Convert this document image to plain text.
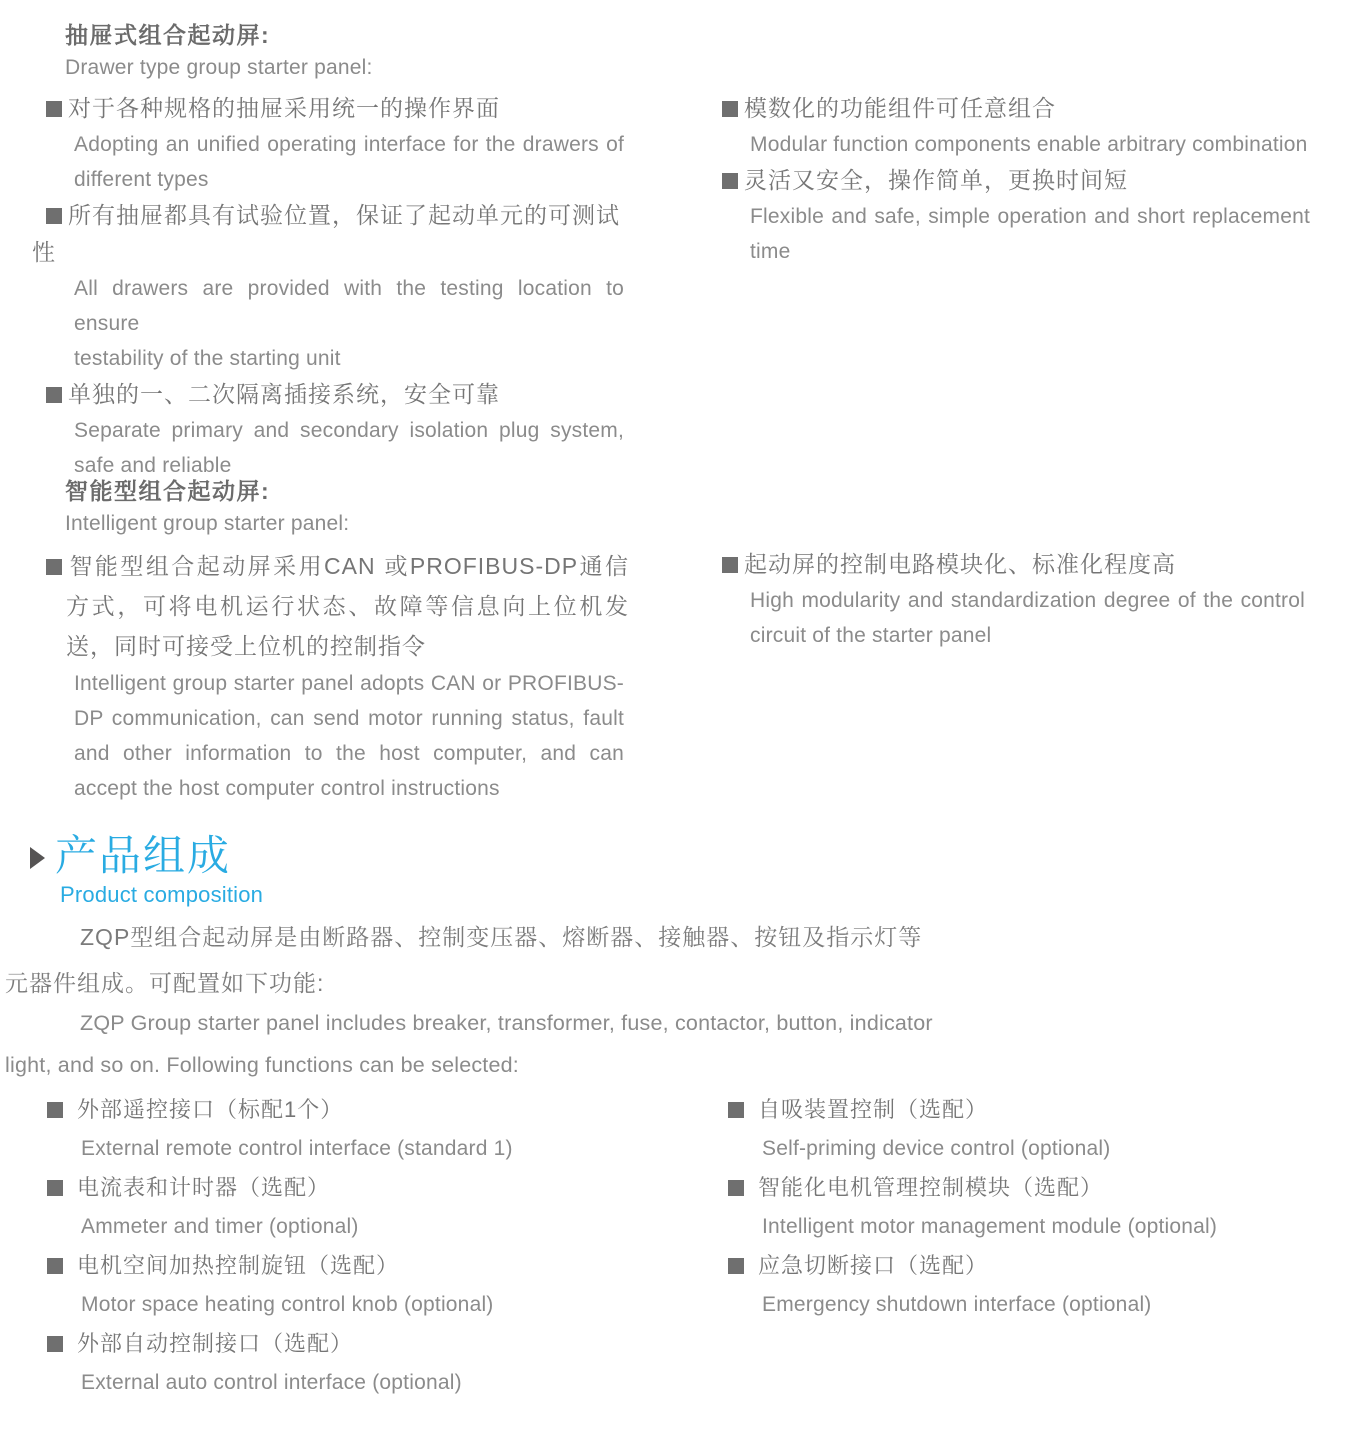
抽屉式组合起动屏:
Drawer type group starter panel:
对于各种规格的抽屉采用统一的操作界面
Adopting an unified operating interface for the drawers of
different types
所有抽屉都具有试验位置，保证了起动单元的可测试
性
All drawers are provided with the testing location to ensure
testability of the starting unit
单独的一、二次隔离插接系统，安全可靠
Separate primary and secondary isolation plug system,
safe and reliable
模数化的功能组件可任意组合
Modular function components enable arbitrary combination
灵活又安全，操作简单，更换时间短
Flexible and safe, simple operation and short replacement
time
智能型组合起动屏:
Intelligent group starter panel:
智能型组合起动屏采用CAN 或PROFIBUS-DP通信
方式，可将电机运行状态、故障等信息向上位机发
送，同时可接受上位机的控制指令
Intelligent group starter panel adopts CAN or PROFIBUS-
DP communication, can send motor running status, fault
and other information to the host computer, and can
accept the host computer control instructions
起动屏的控制电路模块化、标准化程度高
High modularity and standardization degree of the control
circuit of the starter panel
产品组成
Product composition
ZQP型组合起动屏是由断路器、控制变压器、熔断器、接触器、按钮及指示灯等
元器件组成。可配置如下功能:
ZQP Group starter panel includes breaker, transformer, fuse, contactor, button, indicator
light, and so on. Following functions can be selected:
外部遥控接口（标配1个）
External remote control interface (standard 1)
电流表和计时器（选配）
Ammeter and timer (optional)
电机空间加热控制旋钮（选配）
Motor space heating control knob (optional)
外部自动控制接口（选配）
External auto control interface (optional)
自吸装置控制（选配）
Self-priming device control (optional)
智能化电机管理控制模块（选配）
Intelligent motor management module (optional)
应急切断接口（选配）
Emergency shutdown interface (optional)
